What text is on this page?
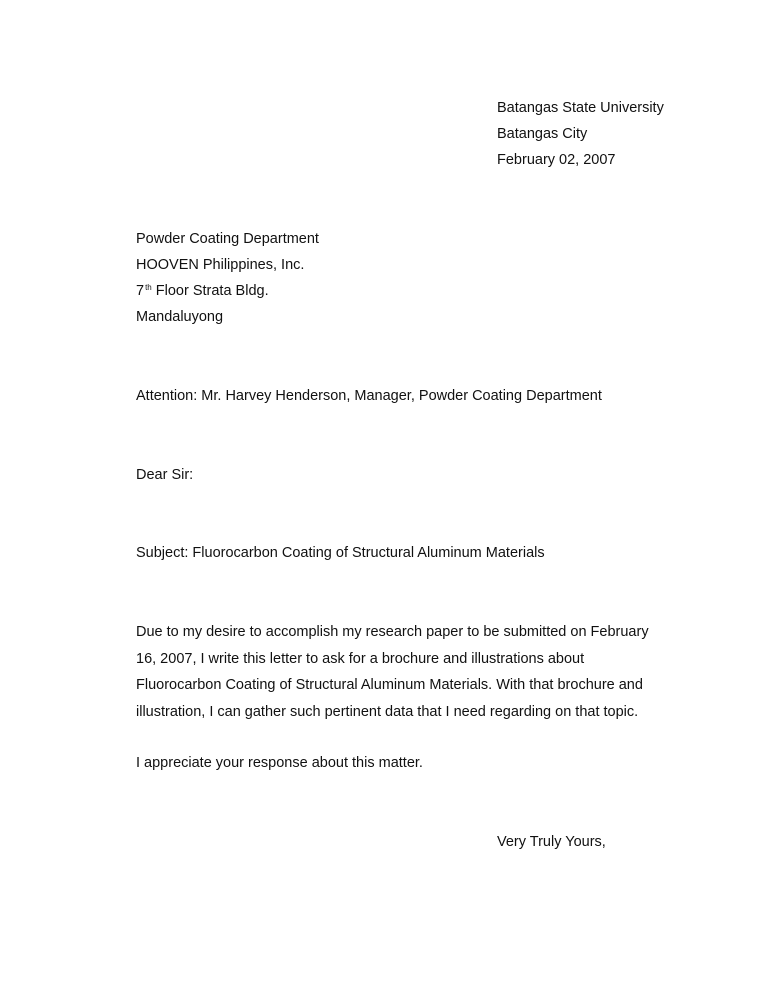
Batangas State University
Batangas City
February 02, 2007
Powder Coating Department
HOOVEN Philippines, Inc.
7th Floor Strata Bldg.
Mandaluyong
Attention: Mr. Harvey Henderson, Manager, Powder Coating Department
Dear Sir:
Subject: Fluorocarbon Coating of Structural Aluminum Materials
Due to my desire to accomplish my research paper to be submitted on February
16, 2007, I write this letter to ask for a brochure and illustrations about
Fluorocarbon Coating of Structural Aluminum Materials. With that brochure and
illustration, I can gather such pertinent data that I need regarding on that topic.
I appreciate your response about this matter.
Very Truly Yours,
